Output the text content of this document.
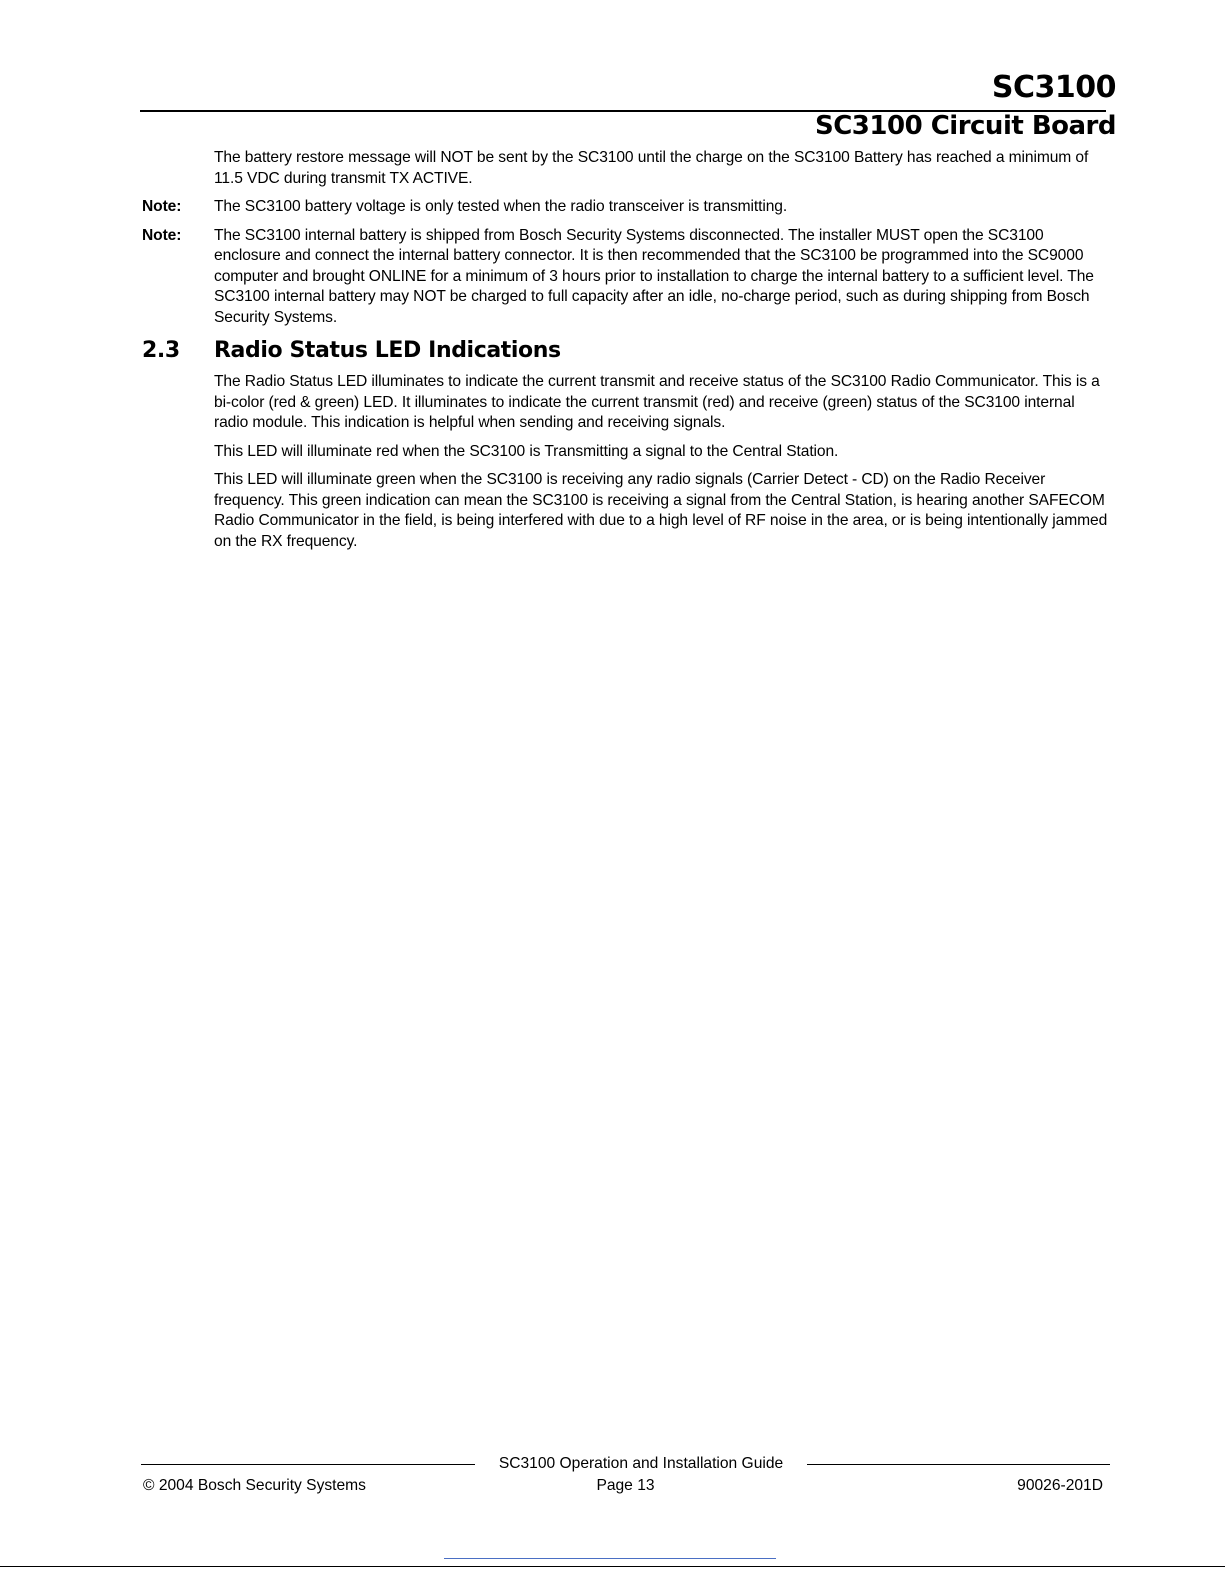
SC3100
SC3100 Circuit Board

The battery restore message will NOT be sent by the SC3100 until the charge on the SC3100 Battery has reached a minimum of 11.5 VDC during transmit TX ACTIVE.

Note:	The SC3100 battery voltage is only tested when the radio transceiver is transmitting.
Note:	The SC3100 internal battery is shipped from Bosch Security Systems disconnected. The installer MUST open the SC3100 enclosure and connect the internal battery connector. It is then recommended that the SC3100 be programmed into the SC9000 computer and brought ONLINE for a minimum of 3 hours prior to installation to charge the internal battery to a sufficient level. The SC3100 internal battery may NOT be charged to full capacity after an idle, no-charge period, such as during shipping from Bosch Security Systems.
2.3	Radio Status LED Indications

The Radio Status LED illuminates to indicate the current transmit and receive status of the SC3100 Radio Communicator. This is a bi-color (red & green) LED. It illuminates to indicate the current transmit (red) and receive (green) status of the SC3100 internal radio module. This indication is helpful when sending and receiving signals.

This LED will illuminate red when the SC3100 is Transmitting a signal to the Central Station.

This LED will illuminate green when the SC3100 is receiving any radio signals (Carrier Detect - CD) on the Radio Receiver frequency. This green indication can mean the SC3100 is receiving a signal from the Central Station, is hearing another SAFECOM Radio Communicator in the field, is being interfered with due to a high level of RF noise in the area, or is being intentionally jammed on the RX frequency.

SC3100 Operation and Installation Guide
© 2004 Bosch Security Systems	Page 13	90026-201D
